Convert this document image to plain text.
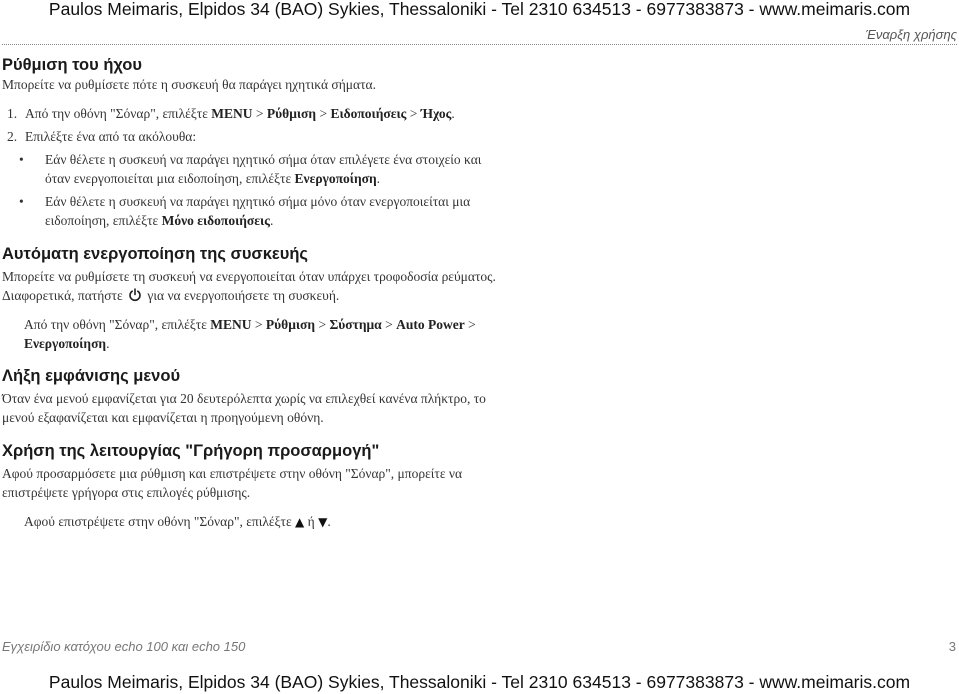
Paulos Meimaris, Elpidos 34 (BAO) Sykies, Thessaloniki - Tel 2310 634513 - 6977383873 - www.meimaris.com
Έναρξη χρήσης
Ρύθμιση του ήχου

Μπορείτε να ρυθμίσετε πότε η συσκευή θα παράγει ηχητικά σήματα.

1. Από την οθόνη "Σόναρ", επιλέξτε MENU > Ρύθμιση > Ειδοποιήσεις > Ήχος.
2. Επιλέξτε ένα από τα ακόλουθα:
•	Εάν θέλετε η συσκευή να παράγει ηχητικό σήμα όταν επιλέγετε ένα στοιχείο και όταν ενεργοποιείται μια ειδοποίηση, επιλέξτε Ενεργοποίηση.
•	Εάν θέλετε η συσκευή να παράγει ηχητικό σήμα μόνο όταν ενεργοποιείται μια ειδοποίηση, επιλέξτε Μόνο ειδοποιήσεις.
Αυτόματη ενεργοποίηση της συσκευής

Μπορείτε να ρυθμίσετε τη συσκευή να ενεργοποιείται όταν υπάρχει τροφοδοσία ρεύματος. Διαφορετικά, πατήστε για να ενεργοποιήσετε τη συσκευή.

Από την οθόνη "Σόναρ", επιλέξτε MENU > Ρύθμιση > Σύστημα > Auto Power > Ενεργοποίηση.

Λήξη εμφάνισης μενού

Όταν ένα μενού εμφανίζεται για 20 δευτερόλεπτα χωρίς να επιλεχθεί κανένα πλήκτρο, το μενού εξαφανίζεται και εμφανίζεται η προηγούμενη οθόνη.

Χρήση της λειτουργίας "Γρήγορη προσαρμογή"

Αφού προσαρμόσετε μια ρύθμιση και επιστρέψετε στην οθόνη "Σόναρ", μπορείτε να επιστρέψετε γρήγορα στις επιλογές ρύθμισης.

Αφού επιστρέψετε στην οθόνη "Σόναρ", επιλέξτε ▲ ή ▼.

Εγχειρίδιο κατόχου echo 100 και echo 150	3
Paulos Meimaris, Elpidos 34 (BAO) Sykies, Thessaloniki - Tel 2310 634513 - 6977383873 - www.meimaris.com
